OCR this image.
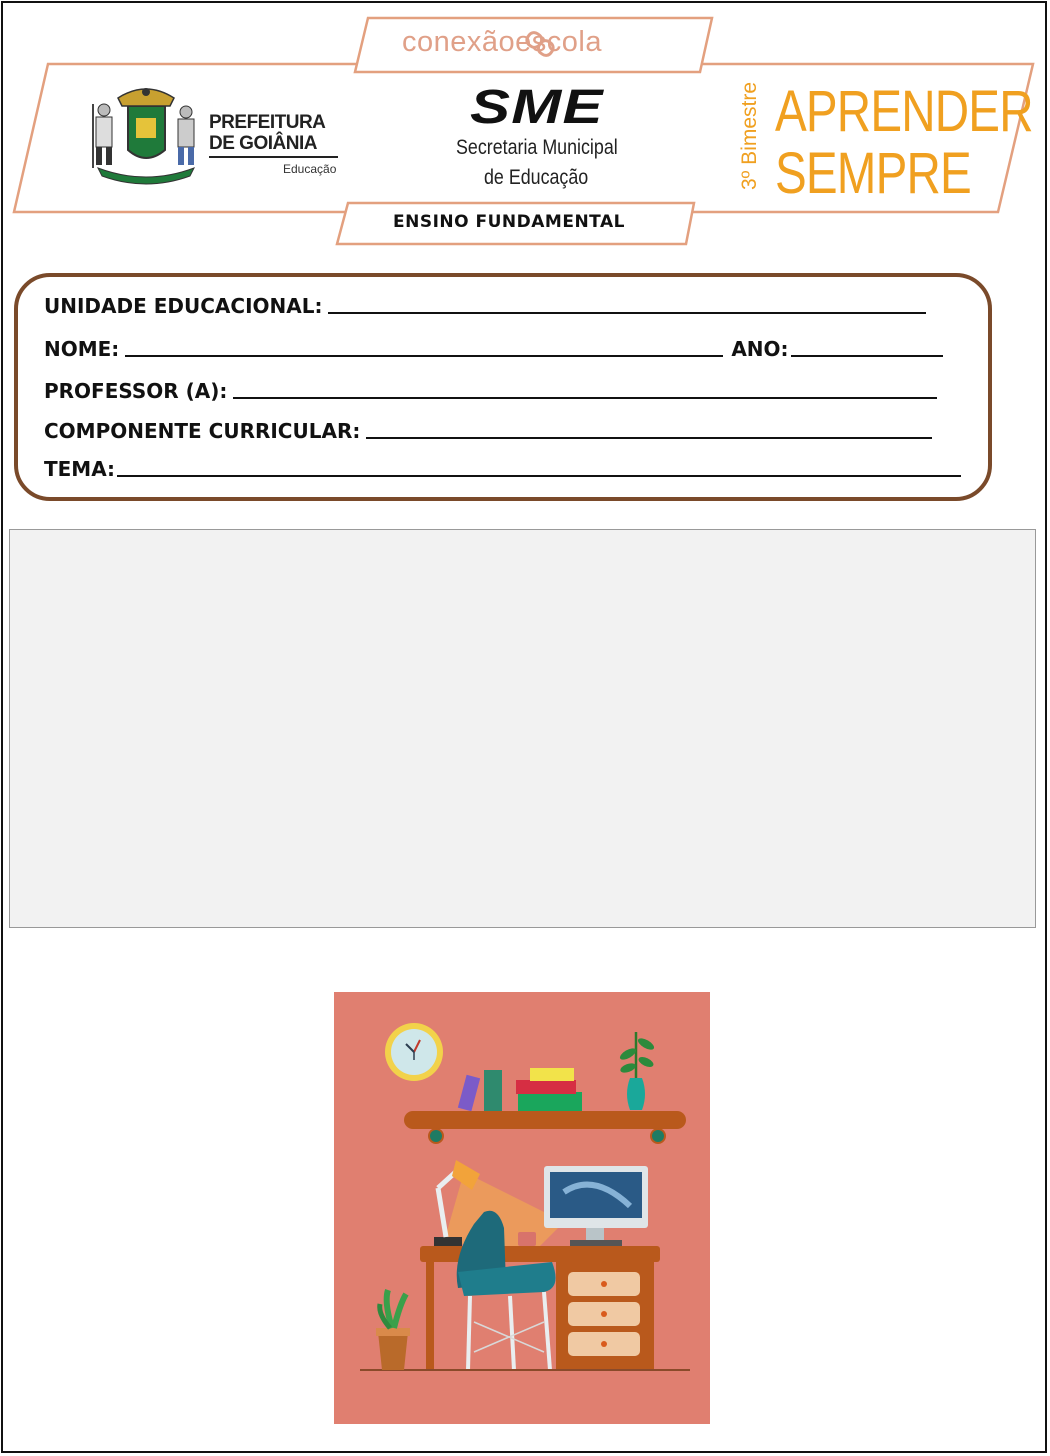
conexãoescola
PREFEITURA
DE GOIÂNIA
Educação
SME
Secretaria Municipal
de Educação
ENSINO FUNDAMENTAL
3º Bimestre APRENDER
SEMPRE
UNIDADE EDUCACIONAL:
NOME:	ANO:
PROFESSOR (A):
COMPONENTE CURRICULAR:
TEMA:
